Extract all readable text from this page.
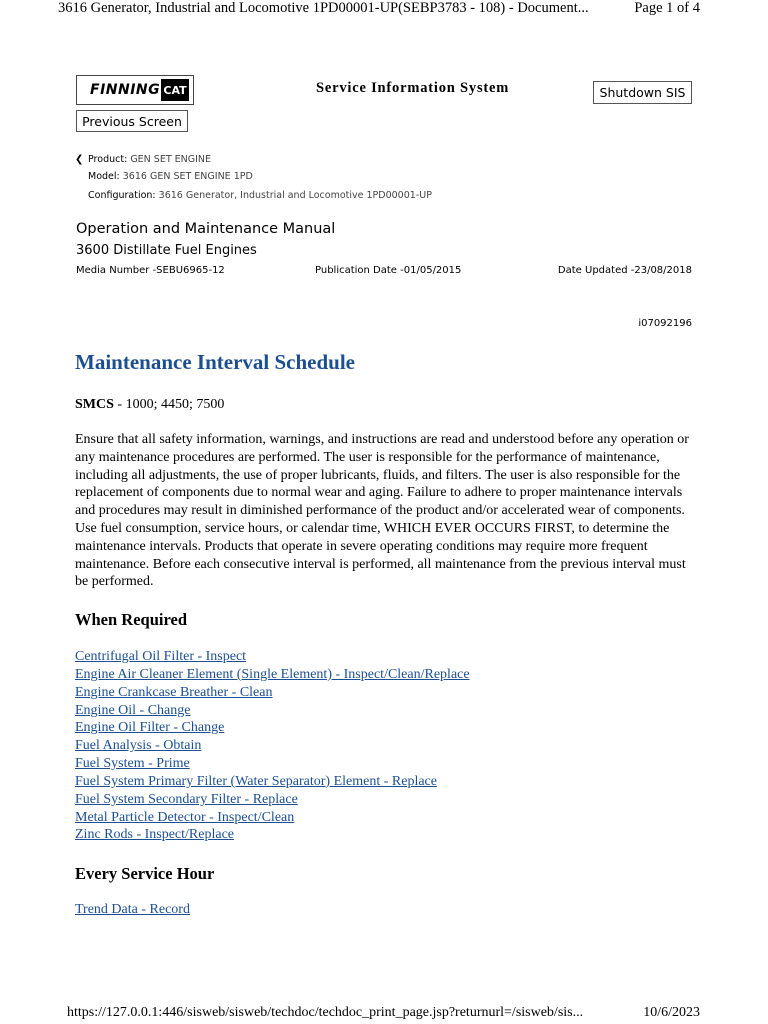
3616 Generator, Industrial and Locomotive 1PD00001-UP(SEBP3783 - 108) - Document...	Page 1 of 4
FINNING CAT	Service Information System	Shutdown SIS
Previous Screen
❮ Product: GEN SET ENGINE
Model: 3616 GEN SET ENGINE 1PD
Configuration: 3616 Generator, Industrial and Locomotive 1PD00001-UP
Operation and Maintenance Manual
3600 Distillate Fuel Engines
Media Number -SEBU6965-12	Publication Date -01/05/2015	Date Updated -23/08/2018
i07092196
Maintenance Interval Schedule
SMCS - 1000; 4450; 7500

Ensure that all safety information, warnings, and instructions are read and understood before any operation or any maintenance procedures are performed. The user is responsible for the performance of maintenance, including all adjustments, the use of proper lubricants, fluids, and filters. The user is also responsible for the replacement of components due to normal wear and aging. Failure to adhere to proper maintenance intervals and procedures may result in diminished performance of the product and/or accelerated wear of components. Use fuel consumption, service hours, or calendar time, WHICH EVER OCCURS FIRST, to determine the maintenance intervals. Products that operate in severe operating conditions may require more frequent maintenance. Before each consecutive interval is performed, all maintenance from the previous interval must be performed.

When Required
Centrifugal Oil Filter - Inspect
Engine Air Cleaner Element (Single Element) - Inspect/Clean/Replace
Engine Crankcase Breather - Clean
Engine Oil - Change
Engine Oil Filter - Change
Fuel Analysis - Obtain
Fuel System - Prime
Fuel System Primary Filter (Water Separator) Element - Replace
Fuel System Secondary Filter - Replace
Metal Particle Detector - Inspect/Clean
Zinc Rods - Inspect/Replace
Every Service Hour
Trend Data - Record
https://127.0.0.1:446/sisweb/sisweb/techdoc/techdoc_print_page.jsp?returnurl=/sisweb/sis...	10/6/2023
